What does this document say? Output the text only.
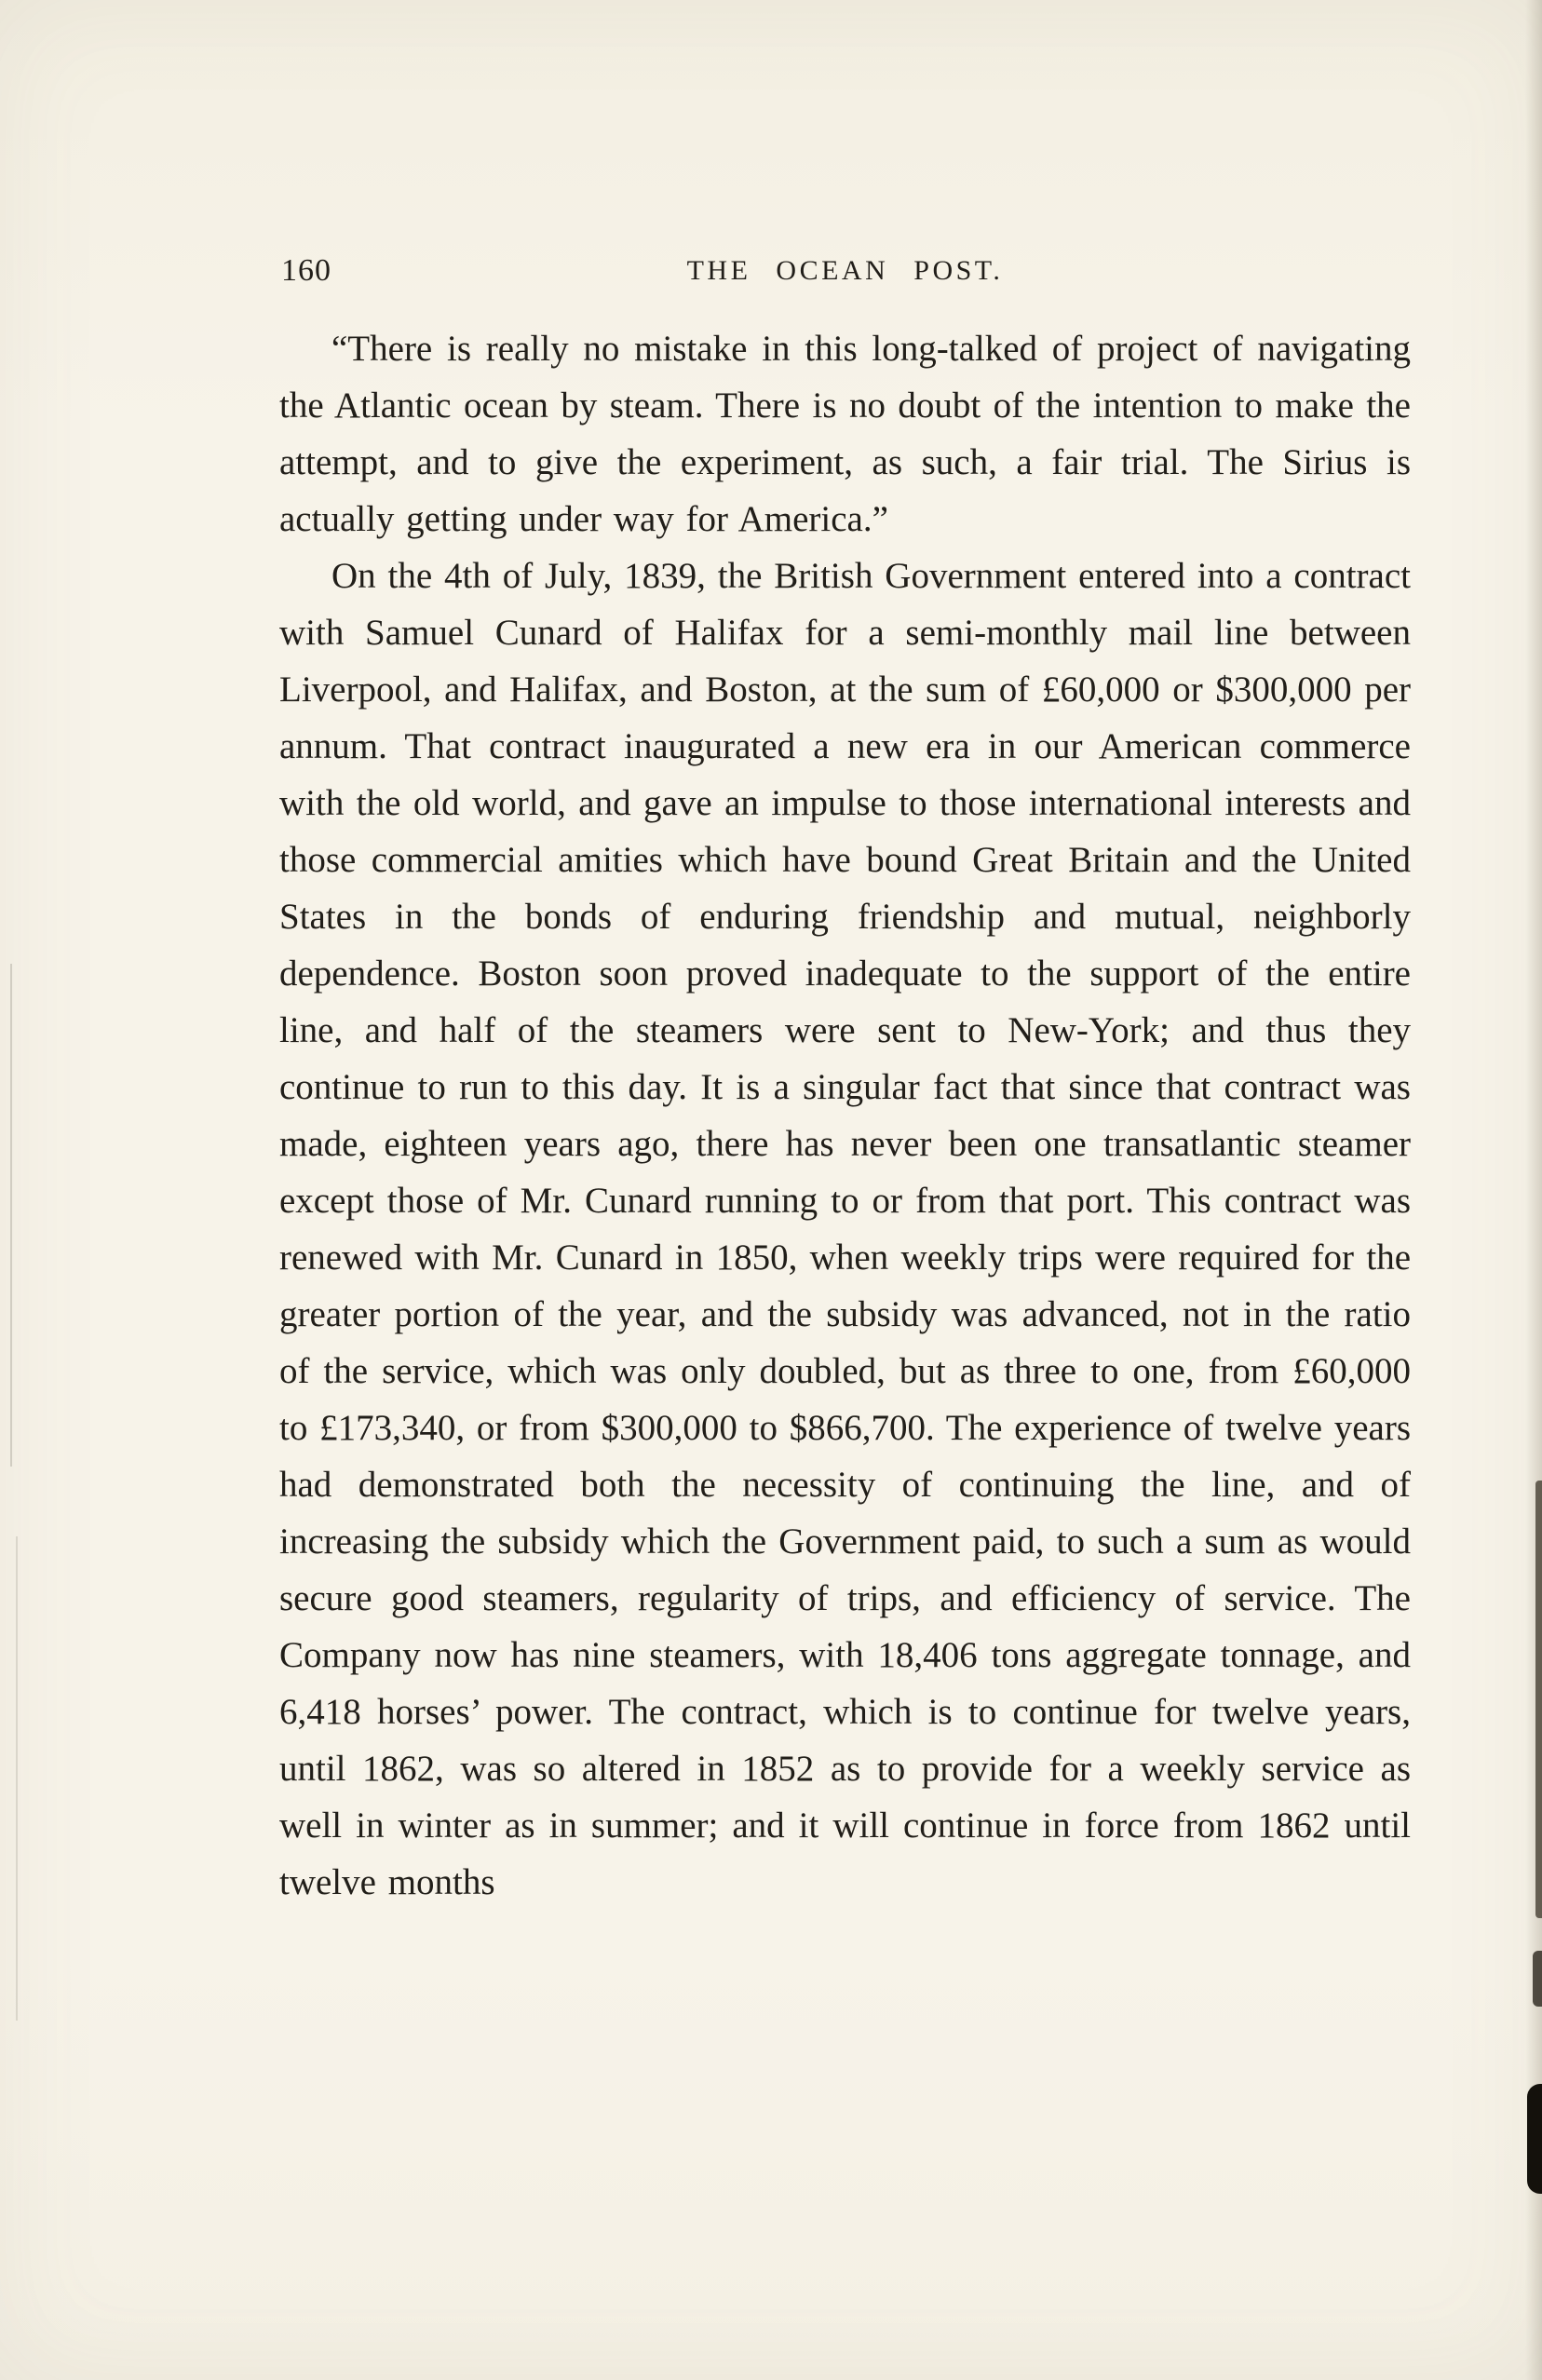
160	THE OCEAN POST.

“There is really no mistake in this long-talked of project of navigating the Atlantic ocean by steam. There is no doubt of the intention to make the attempt, and to give the experiment, as such, a fair trial. The Sirius is actually getting under way for America.”

On the 4th of July, 1839, the British Government entered into a contract with Samuel Cunard of Halifax for a semi-monthly mail line between Liverpool, and Halifax, and Boston, at the sum of £60,000 or $300,000 per annum. That contract inaugurated a new era in our American commerce with the old world, and gave an impulse to those international interests and those commercial amities which have bound Great Britain and the United States in the bonds of enduring friendship and mutual, neighborly dependence. Boston soon proved inadequate to the support of the entire line, and half of the steamers were sent to New-York; and thus they continue to run to this day. It is a singular fact that since that contract was made, eighteen years ago, there has never been one transatlantic steamer except those of Mr. Cunard running to or from that port. This contract was renewed with Mr. Cunard in 1850, when weekly trips were required for the greater portion of the year, and the subsidy was advanced, not in the ratio of the service, which was only doubled, but as three to one, from £60,000 to £173,340, or from $300,000 to $866,700. The experience of twelve years had demonstrated both the necessity of continuing the line, and of increasing the subsidy which the Government paid, to such a sum as would secure good steamers, regularity of trips, and efficiency of service. The Company now has nine steamers, with 18,406 tons aggregate tonnage, and 6,418 horses’ power. The contract, which is to continue for twelve years, until 1862, was so altered in 1852 as to provide for a weekly service as well in winter as in summer; and it will continue in force from 1862 until twelve months
